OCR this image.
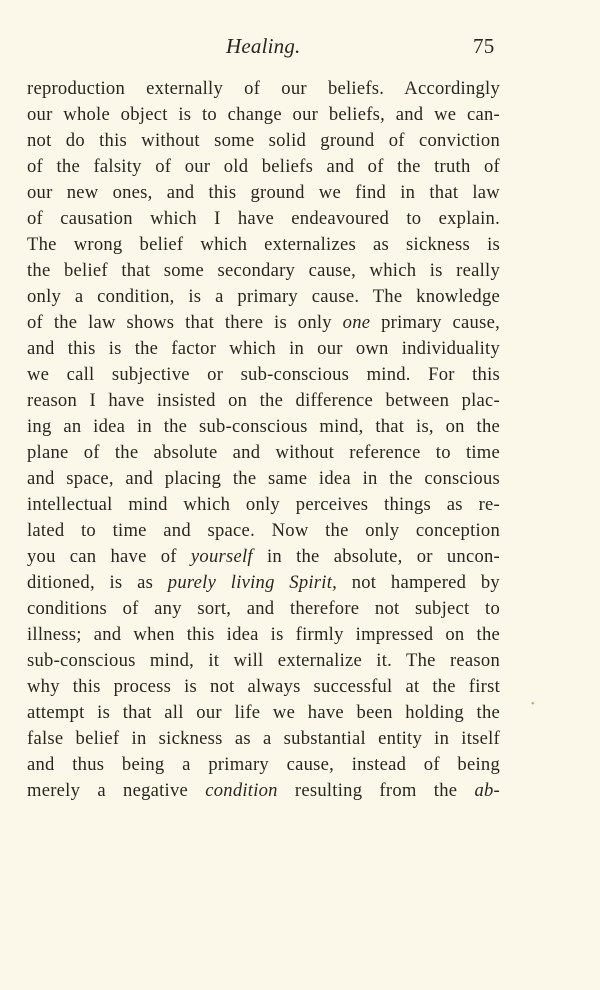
Healing.	75
reproduction externally of our beliefs. Accordingly
our whole object is to change our beliefs, and we can-
not do this without some solid ground of conviction
of the falsity of our old beliefs and of the truth of
our new ones, and this ground we find in that law
of causation which I have endeavoured to explain.
The wrong belief which externalizes as sickness is
the belief that some secondary cause, which is really
only a condition, is a primary cause. The knowledge
of the law shows that there is only one primary cause,
and this is the factor which in our own individuality
we call subjective or sub-conscious mind. For this
reason I have insisted on the difference between plac-
ing an idea in the sub-conscious mind, that is, on the
plane of the absolute and without reference to time
and space, and placing the same idea in the conscious
intellectual mind which only perceives things as re-
lated to time and space. Now the only conception
you can have of yourself in the absolute, or uncon-
ditioned, is as purely living Spirit, not hampered by
conditions of any sort, and therefore not subject to
illness; and when this idea is firmly impressed on the
sub-conscious mind, it will externalize it. The reason
why this process is not always successful at the first
attempt is that all our life we have been holding the
false belief in sickness as a substantial entity in itself
and thus being a primary cause, instead of being
merely a negative condition resulting from the ab-
•
